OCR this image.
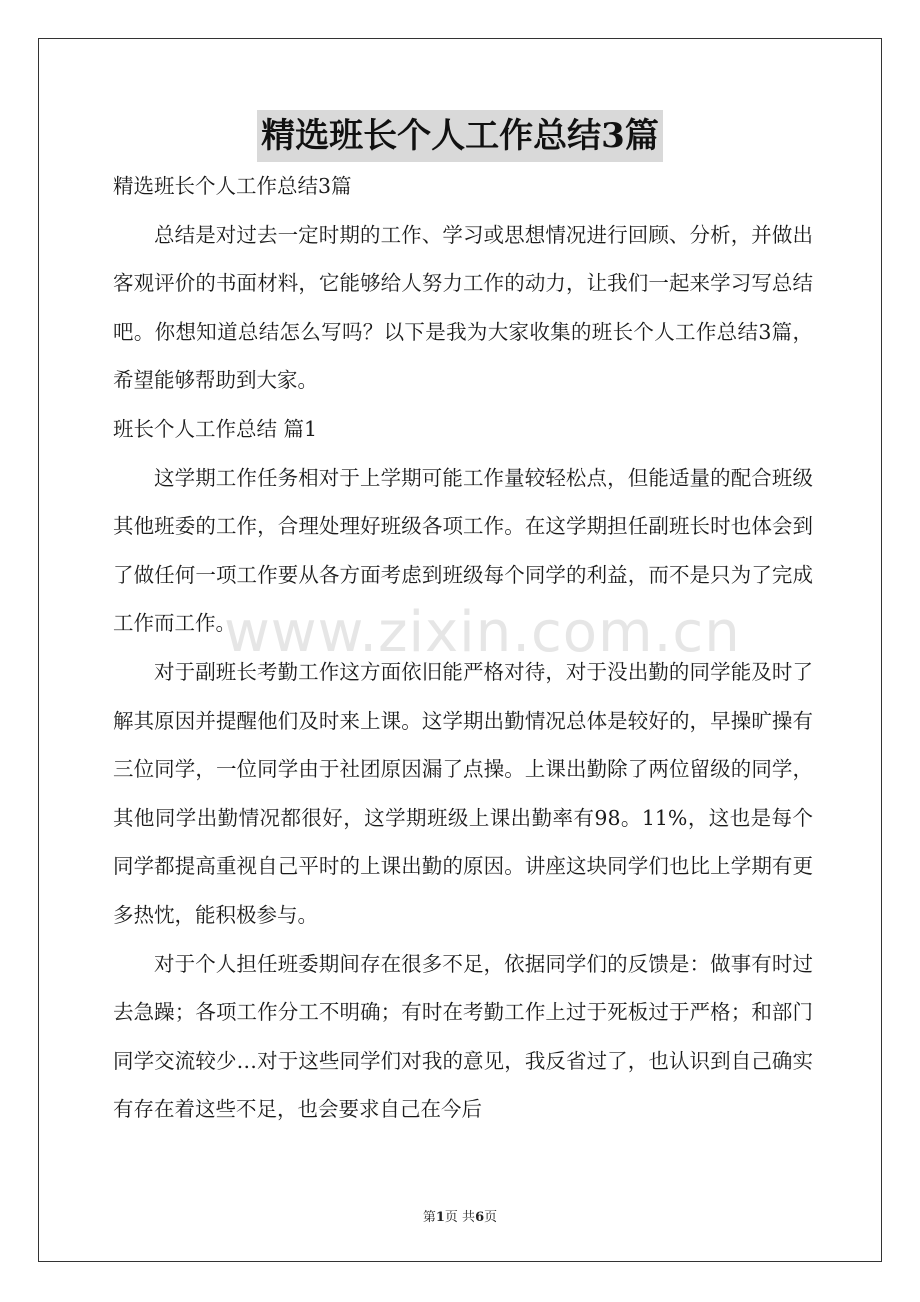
精选班长个人工作总结3篇
www.zixin.com.cn

精选班长个人工作总结3篇

总结是对过去一定时期的工作、学习或思想情况进行回顾、分析，并做出客观评价的书面材料，它能够给人努力工作的动力，让我们一起来学习写总结吧。你想知道总结怎么写吗？以下是我为大家收集的班长个人工作总结3篇，希望能够帮助到大家。

班长个人工作总结 篇1

这学期工作任务相对于上学期可能工作量较轻松点，但能适量的配合班级其他班委的工作，合理处理好班级各项工作。在这学期担任副班长时也体会到了做任何一项工作要从各方面考虑到班级每个同学的利益，而不是只为了完成工作而工作。

对于副班长考勤工作这方面依旧能严格对待，对于没出勤的同学能及时了解其原因并提醒他们及时来上课。这学期出勤情况总体是较好的，早操旷操有三位同学，一位同学由于社团原因漏了点操。上课出勤除了两位留级的同学，其他同学出勤情况都很好，这学期班级上课出勤率有98。11%，这也是每个同学都提高重视自己平时的上课出勤的原因。讲座这块同学们也比上学期有更多热忱，能积极参与。

对于个人担任班委期间存在很多不足，依据同学们的反馈是：做事有时过去急躁；各项工作分工不明确；有时在考勤工作上过于死板过于严格；和部门同学交流较少…对于这些同学们对我的意见，我反省过了，也认识到自己确实有存在着这些不足，也会要求自己在今后

第1页 共6页
